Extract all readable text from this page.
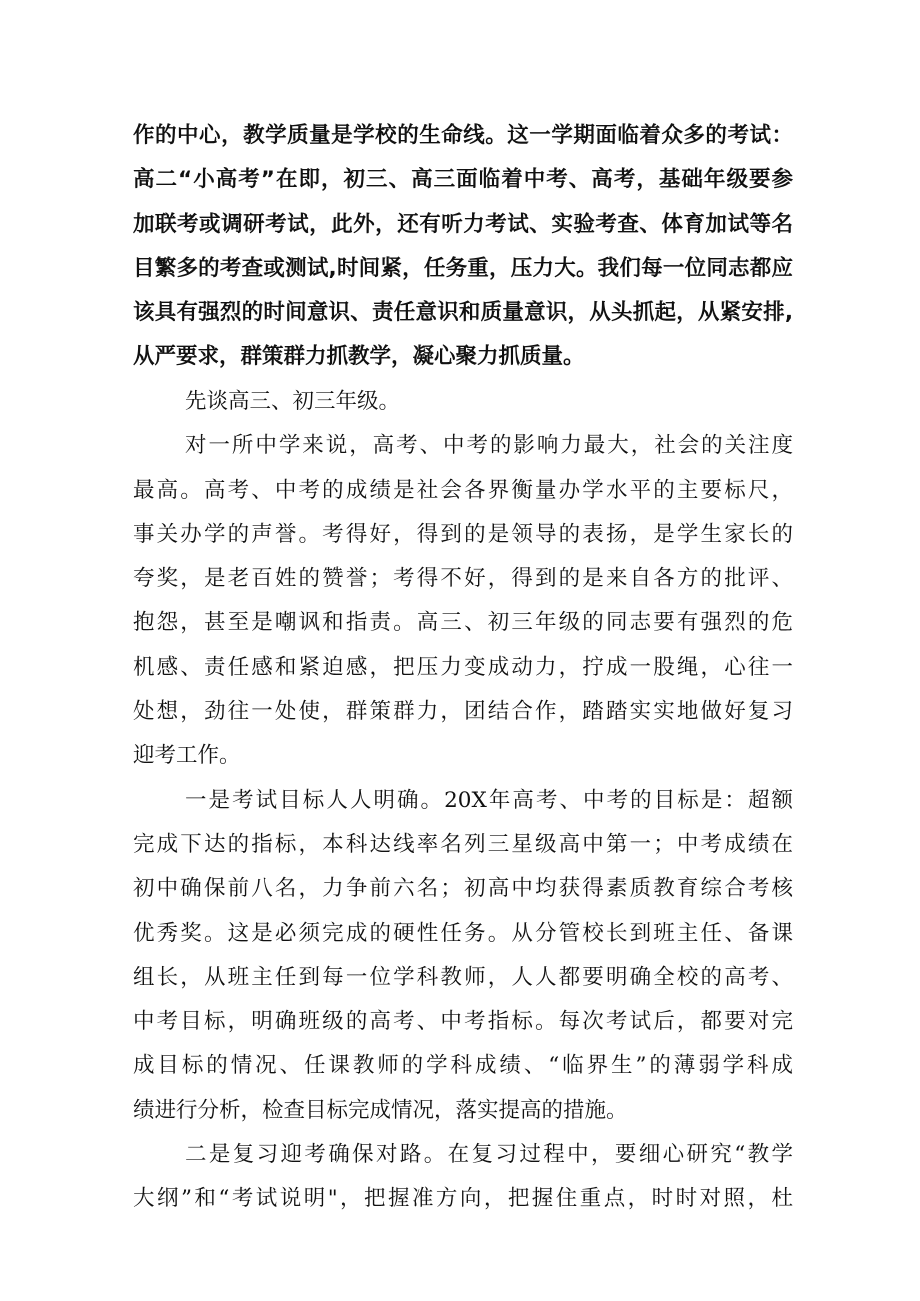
作的中心，教学质量是学校的生命线。这一学期面临着众多的考试：
高二“小高考”在即，初三、高三面临着中考、高考，基础年级要参
加联考或调研考试，此外，还有听力考试、实验考查、体育加试等名
目繁多的考查或测试,时间紧，任务重，压力大。我们每一位同志都应
该具有强烈的时间意识、责任意识和质量意识，从头抓起，从紧安排,
从严要求，群策群力抓教学，凝心聚力抓质量。
先谈高三、初三年级。
对一所中学来说，高考、中考的影响力最大，社会的关注度
最高。高考、中考的成绩是社会各界衡量办学水平的主要标尺，
事关办学的声誉。考得好，得到的是领导的表扬，是学生家长的
夸奖，是老百姓的赞誉；考得不好，得到的是来自各方的批评、
抱怨，甚至是嘲讽和指责。高三、初三年级的同志要有强烈的危
机感、责任感和紧迫感，把压力变成动力，拧成一股绳，心往一
处想，劲往一处使，群策群力，团结合作，踏踏实实地做好复习
迎考工作。
一是考试目标人人明确。20X年高考、中考的目标是：超额
完成下达的指标，本科达线率名列三星级高中第一；中考成绩在
初中确保前八名，力争前六名；初高中均获得素质教育综合考核
优秀奖。这是必须完成的硬性任务。从分管校长到班主任、备课
组长，从班主任到每一位学科教师，人人都要明确全校的高考、
中考目标，明确班级的高考、中考指标。每次考试后，都要对完
成目标的情况、任课教师的学科成绩、“临界生”的薄弱学科成
绩进行分析，检查目标完成情况，落实提高的措施。
二是复习迎考确保对路。在复习过程中，要细心研究“教学
大纲”和“考试说明"，把握准方向，把握住重点，时时对照，杜
